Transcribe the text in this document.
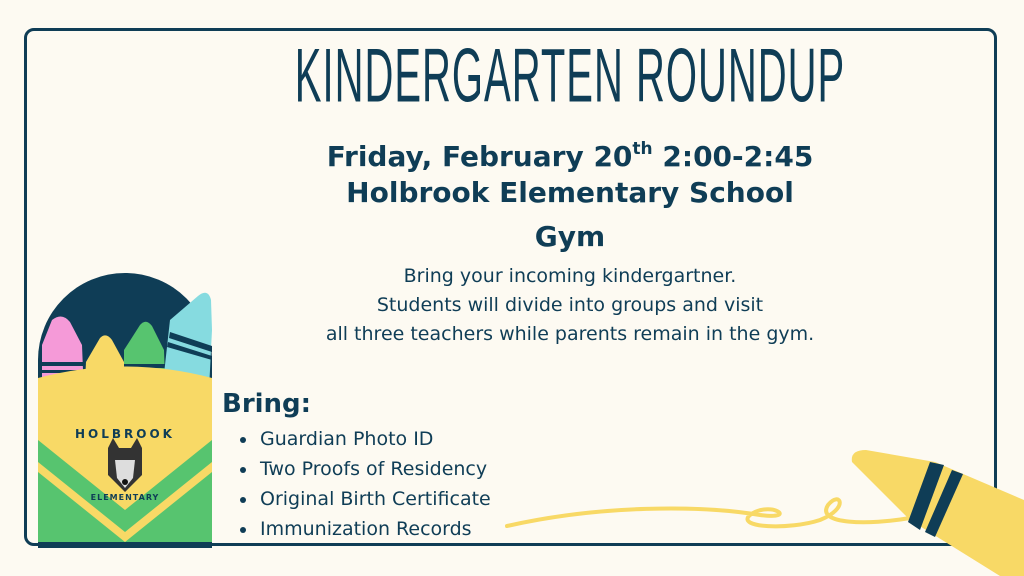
HOLBROOK
ELEMENTARY
KINDERGARTEN ROUNDUP
Friday, February 20th 2:00-2:45
Holbrook Elementary School
Gym
Bring your incoming kindergartner.
Students will divide into groups and visit
all three teachers while parents remain in the gym.
Bring:
• Guardian Photo ID
• Two Proofs of Residency
• Original Birth Certificate
• Immunization Records
